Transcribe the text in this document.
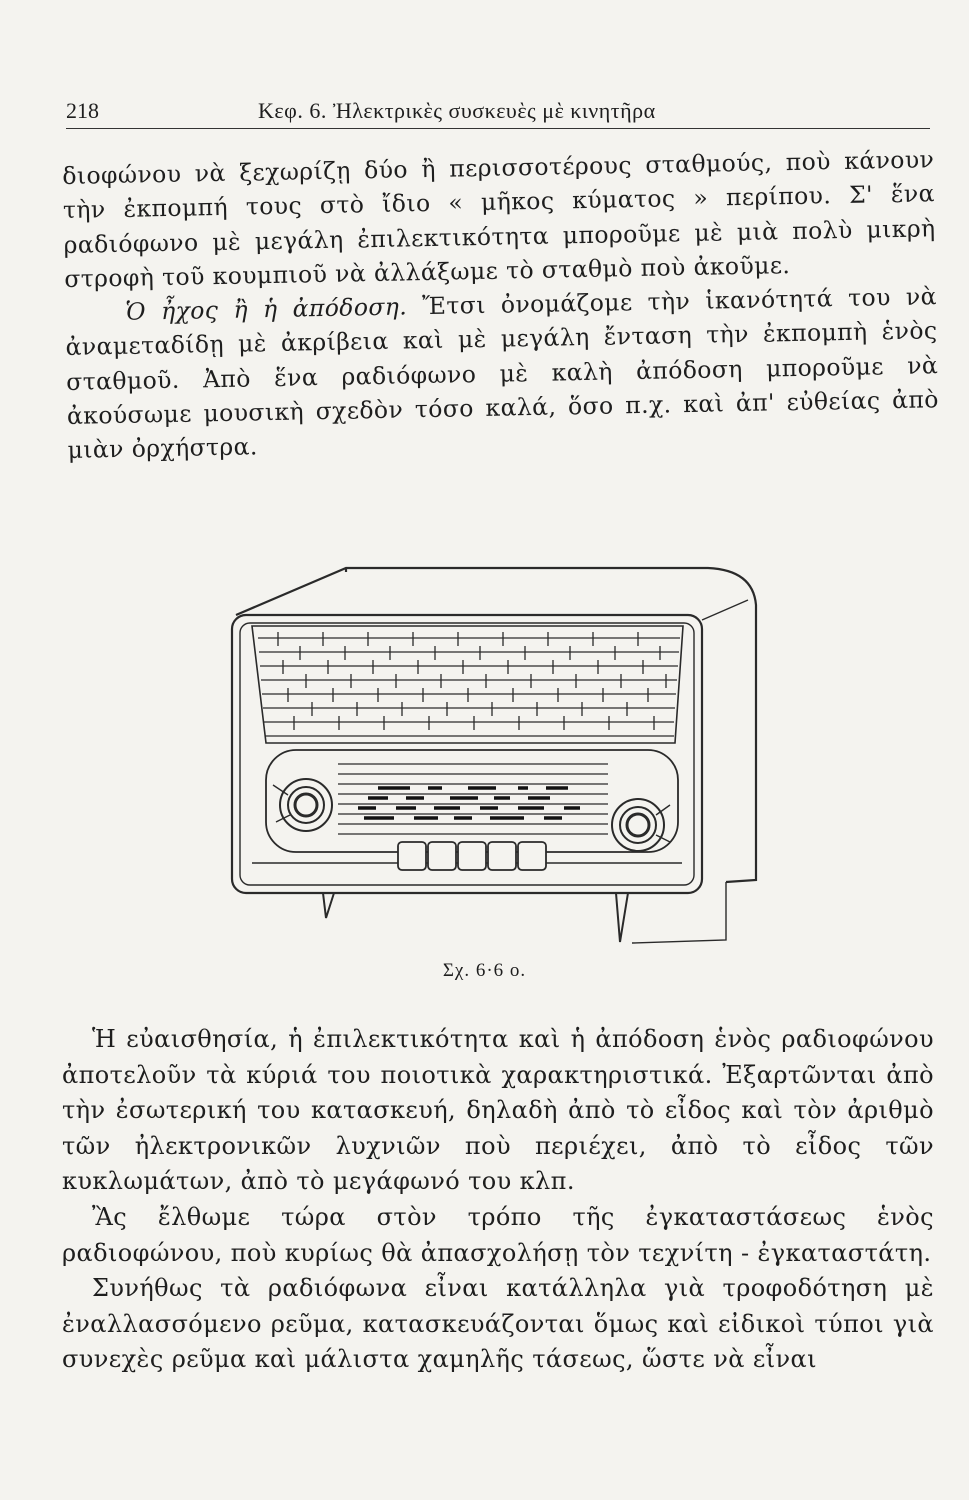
218	Κεφ. 6. Ἠλεκτρικὲς συσκευὲς μὲ κινητῆρα

διοφώνου νὰ ξεχωρίζῃ δύο ἢ περισσοτέρους σταθμούς, ποὺ κάνουν τὴν ἐκπομπή τους στὸ ἴδιο « μῆκος κύματος » περίπου. Σ' ἕνα ραδιόφωνο μὲ μεγάλη ἐπιλεκτικότητα μποροῦμε μὲ μιὰ πολὺ μικρὴ στροφὴ τοῦ κουμπιοῦ νὰ ἀλλάξωμε τὸ σταθμὸ ποὺ ἀκοῦμε.
Ὁ ἦχος ἢ ἡ ἀπόδοση. Ἔτσι ὀνομάζομε τὴν ἱκανότητά του νὰ ἀναμεταδίδῃ μὲ ἀκρίβεια καὶ μὲ μεγάλη ἔνταση τὴν ἐκπομπὴ ἑνὸς σταθμοῦ. Ἀπὸ ἕνα ραδιόφωνο μὲ καλὴ ἀπόδοση μποροῦμε νὰ ἀκούσωμε μουσικὴ σχεδὸν τόσο καλά, ὅσο π.χ. καὶ ἀπ' εὐθείας ἀπὸ μιὰν ὀρχήστρα.

Σχ. 6·6 ο.

Ἡ εὐαισθησία, ἡ ἐπιλεκτικότητα καὶ ἡ ἀπόδοση ἑνὸς ραδιοφώνου ἀποτελοῦν τὰ κύριά του ποιοτικὰ χαρακτηριστικά. Ἐξαρτῶνται ἀπὸ τὴν ἐσωτερική του κατασκευή, δηλαδὴ ἀπὸ τὸ εἶδος καὶ τὸν ἀριθμὸ τῶν ἠλεκτρονικῶν λυχνιῶν ποὺ περιέχει, ἀπὸ τὸ εἶδος τῶν κυκλωμάτων, ἀπὸ τὸ μεγάφωνό του κλπ.

Ἂς ἔλθωμε τώρα στὸν τρόπο τῆς ἐγκαταστάσεως ἑνὸς ραδιοφώνου, ποὺ κυρίως θὰ ἀπασχολήσῃ τὸν τεχνίτη - ἐγκαταστάτη.

Συνήθως τὰ ραδιόφωνα εἶναι κατάλληλα γιὰ τροφοδότηση μὲ ἐναλλασσόμενο ρεῦμα, κατασκευάζονται ὅμως καὶ εἰδικοὶ τύποι γιὰ συνεχὲς ρεῦμα καὶ μάλιστα χαμηλῆς τάσεως, ὥστε νὰ εἶναι
